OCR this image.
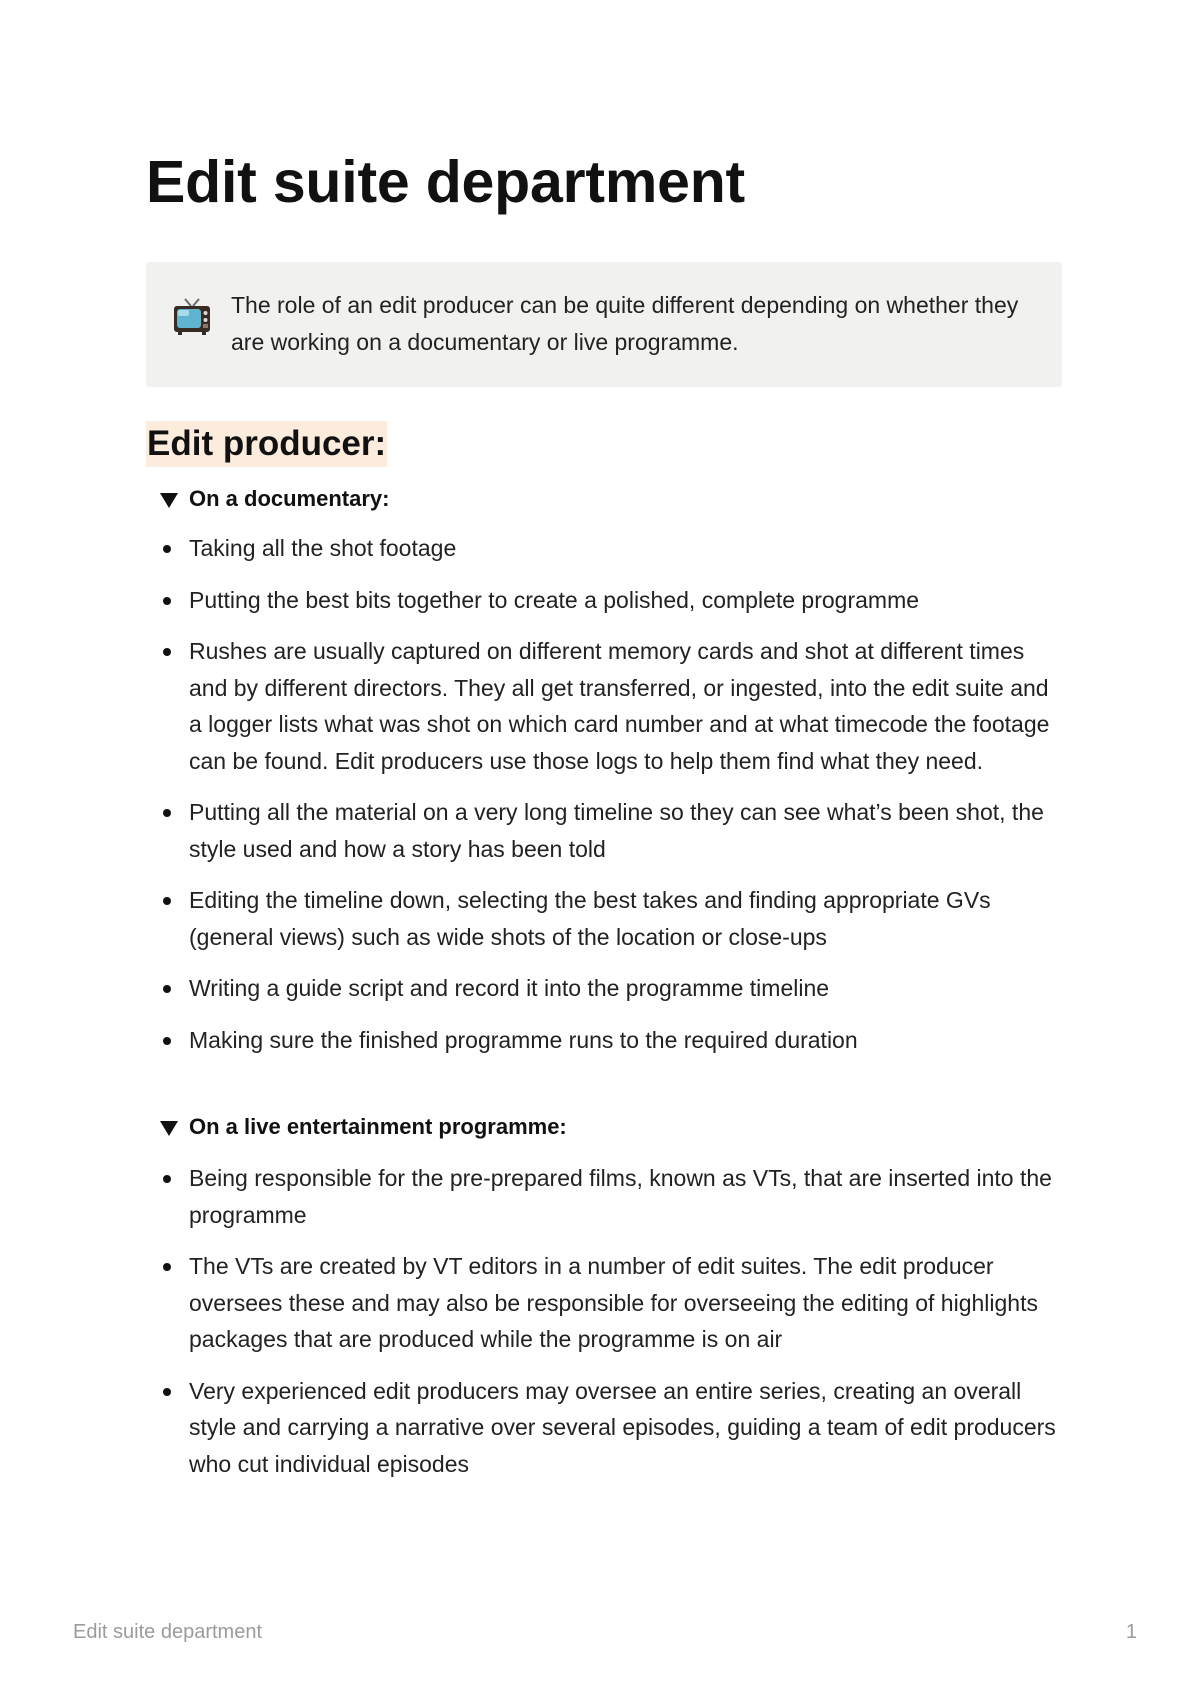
Edit suite department
The role of an edit producer can be quite different depending on whether they are working on a documentary or live programme.
Edit producer:
On a documentary:
Taking all the shot footage
Putting the best bits together to create a polished, complete programme
Rushes are usually captured on different memory cards and shot at different times and by different directors. They all get transferred, or ingested, into the edit suite and a logger lists what was shot on which card number and at what timecode the footage can be found. Edit producers use those logs to help them find what they need.
Putting all the material on a very long timeline so they can see what’s been shot, the style used and how a story has been told
Editing the timeline down, selecting the best takes and finding appropriate GVs (general views) such as wide shots of the location or close-ups
Writing a guide script and record it into the programme timeline
Making sure the finished programme runs to the required duration
On a live entertainment programme:
Being responsible for the pre-prepared films, known as VTs, that are inserted into the programme
The VTs are created by VT editors in a number of edit suites. The edit producer oversees these and may also be responsible for overseeing the editing of highlights packages that are produced while the programme is on air
Very experienced edit producers may oversee an entire series, creating an overall style and carrying a narrative over several episodes, guiding a team of edit producers who cut individual episodes
Edit suite department	1
